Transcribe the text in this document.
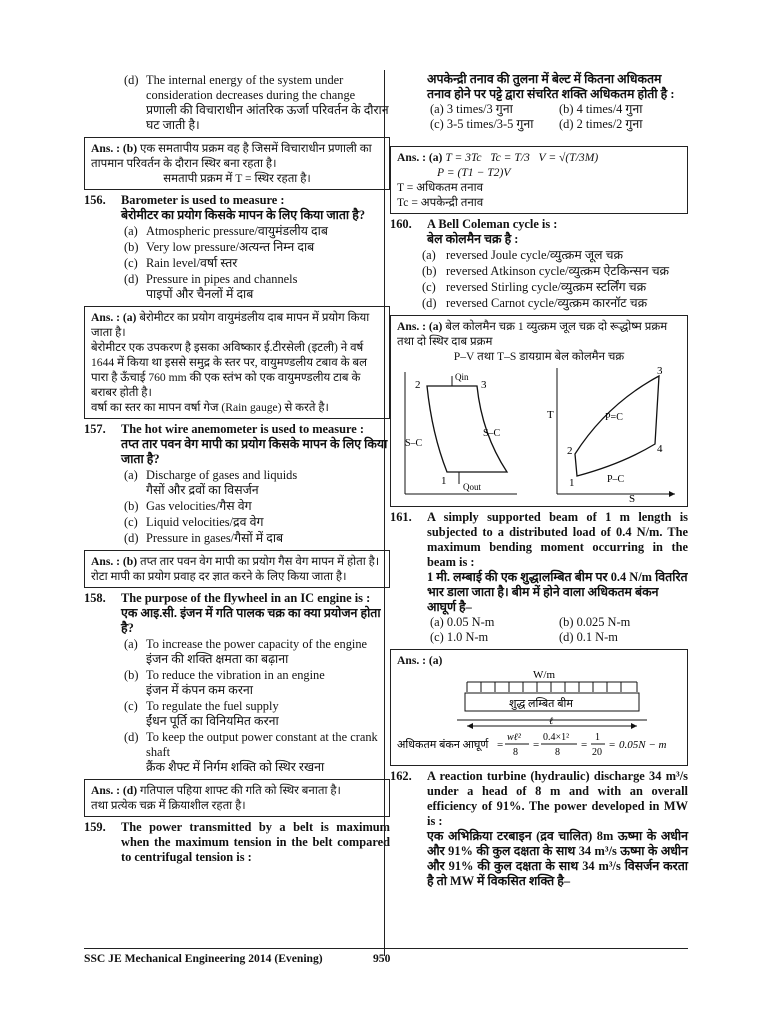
(d) The internal energy of the system under consideration decreases during the change
प्रणाली की विचाराधीन आंतरिक ऊर्जा परिवर्तन के दौरान घट जाती है।
Ans. : (b) एक समतापीय प्रक्रम वह है जिसमें विचाराधीन प्रणाली का तापमान परिवर्तन के दौरान स्थिर बना रहता है।
समतापी प्रक्रम में T = स्थिर रहता है।
156. Barometer is used to measure :
बेरोमीटर का प्रयोग किसके मापन के लिए किया जाता है?
(a) Atmospheric pressure/वायुमंडलीय दाब
(b) Very low pressure/अत्यन्त निम्न दाब
(c) Rain level/वर्षा स्तर
(d) Pressure in pipes and channels
पाइपों और चैनलों में दाब
Ans. : (a) बेरोमीटर का प्रयोग वायुमंडलीय दाब मापन में प्रयोग किया जाता है।
बेरोमीटर एक उपकरण है इसका अविष्कार ई.टीरसेली (इटली) ने वर्ष 1644 में किया था इससे समुद्र के स्तर पर, वायुमण्डलीय टबाव के बल पारा है ऊँचाई 760 mm की एक स्तंभ को एक वायुमण्डलीय टाब के बराबर होती है।
वर्षा का स्तर का मापन वर्षा गेज (Rain gauge) से करते है।
157. The hot wire anemometer is used to measure :
तप्त तार पवन वेग मापी का प्रयोग किसके मापन के लिए किया जाता है?
(a) Discharge of gases and liquids
गैसों और द्रवों का विसर्जन
(b) Gas velocities/गैस वेग
(c) Liquid velocities/द्रव वेग
(d) Pressure in gases/गैसों में दाब
Ans. : (b) तप्त तार पवन वेग मापी का प्रयोग गैस वेग मापन में होता है।
रोटा मापी का प्रयोग प्रवाह दर ज्ञात करने के लिए किया जाता है।
158. The purpose of the flywheel in an IC engine is :
एक आइ.सी. इंजन में गति पालक चक्र का क्या प्रयोजन होता है?
(a) To increase the power capacity of the engine
इंजन की शक्ति क्षमता का बढ़ाना
(b) To reduce the vibration in an engine
इंजन में कंपन कम करना
(c) To regulate the fuel supply
ईंधन पूर्ति का विनियमित करना
(d) To keep the output power constant at the crank shaft
क्रैंक शैफ्ट में निर्गम शक्ति को स्थिर रखना
Ans. : (d) गतिपाल पहिया शाफ्ट की गति को स्थिर बनाता है।
तथा प्रत्येक चक्र में क्रियाशील रहता है।
159.	The power transmitted by a belt is maximum when the maximum tension in the belt compared to centrifugal tension is :
अपकेन्द्री तनाव की तुलना में बेल्ट में कितना अधिकतम तनाव होने पर पट्टे द्वारा संचरित शक्ति अधिकतम होती है :
(a) 3 times/3 गुना	(b) 4 times/4 गुना
(c) 3-5 times/3-5 गुना	(d) 2 times/2 गुना
Ans. : (a) T = 3Tc Tc = T/3 V = √(T/3M)
P = (T1 − T2)V
T = अधिकतम तनाव
Tc = अपकेन्द्री तनाव
160. A Bell Coleman cycle is :
बेल कोलमैन चक्र है :
(a) reversed Joule cycle/व्युत्क्रम जूल चक्र
(b) reversed Atkinson cycle/व्युत्क्रम ऐटकिन्सन चक्र
(c) reversed Stirling cycle/व्युत्क्रम स्टर्लिंग चक्र
(d) reversed Carnot cycle/व्युत्क्रम कारनॉट चक्र
Ans. : (a) बेल कोलमैन चक्र 1 व्युत्क्रम जूल चक्र दो रूद्धोष्म प्रक्रम तथा दो स्थिर दाब प्रक्रम
P–V तथा T–S डायग्राम बेल कोलमैन चक्र
2
Qin
3
S–C
S–C
1 Qout
T
3
P=C
2	4
P–C
1
S
161.	A simply supported beam of 1 m length is subjected to a distributed load of 0.4 N/m. The maximum bending moment occurring in the beam is :
1 मी. लम्बाई की एक शुद्धालम्बित बीम पर 0.4 N/m वितरित भार डाला जाता है। बीम में होने वाला अधिकतम बंकन आघूर्ण है–
(a) 0.05 N-m	(b) 0.025 N-m
(c) 1.0 N-m	(d) 0.1 N-m
Ans. : (a)
W/m
शुद्ध लम्बित बीम
ℓ
अधिकतम बंकन आघूर्ण =
wℓ²
8
=
0.4×1²
8
=
1
20
= 0.05N − m
162.	A reaction turbine (hydraulic) discharge 34 m³/s under a head of 8 m and with an overall efficiency of 91%. The power developed in MW is :
एक अभिक्रिया टरबाइन (द्रव चालित) 8m ऊष्मा के अधीन और 91% की कुल दक्षता के साथ 34 m³/s ऊष्मा के अधीन और 91% की कुल दक्षता के साथ 34 m³/s विसर्जन करता है तो MW में विकसित शक्ति है–
SSC JE Mechanical Engineering 2014 (Evening)	950
